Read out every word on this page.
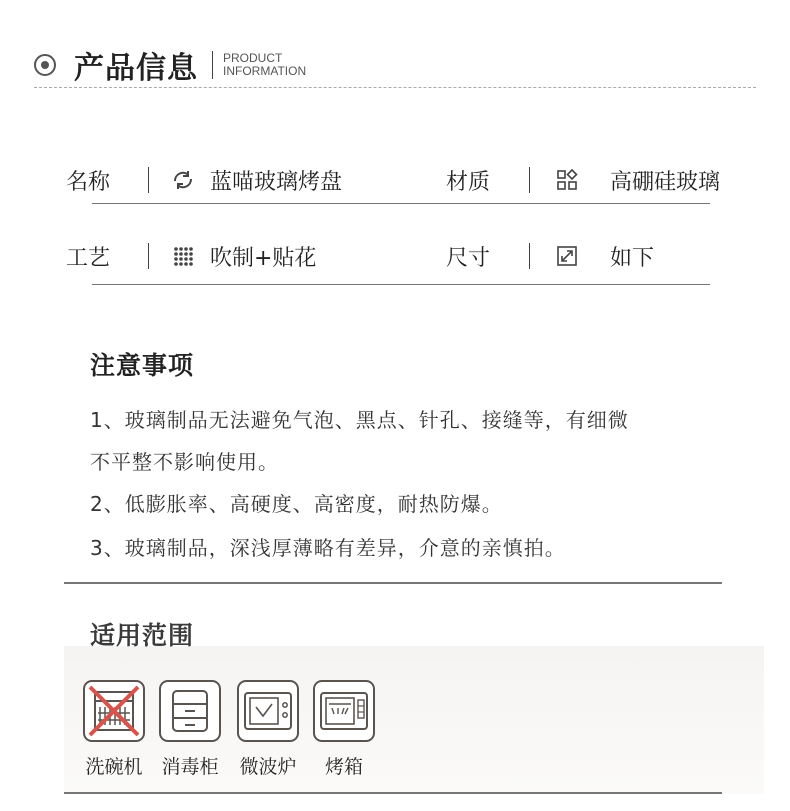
产品信息 PRODUCT
INFORMATION
名称	蓝喵玻璃烤盘	材质	高硼硅玻璃
工艺	吹制+贴花	尺寸	如下
注意事项
1、玻璃制品无法避免气泡、黑点、针孔、接缝等，有细微
不平整不影响使用。
2、低膨胀率、高硬度、高密度，耐热防爆。
3、玻璃制品，深浅厚薄略有差异，介意的亲慎拍。
适用范围
洗碗机 消毒柜 微波炉	烤箱
